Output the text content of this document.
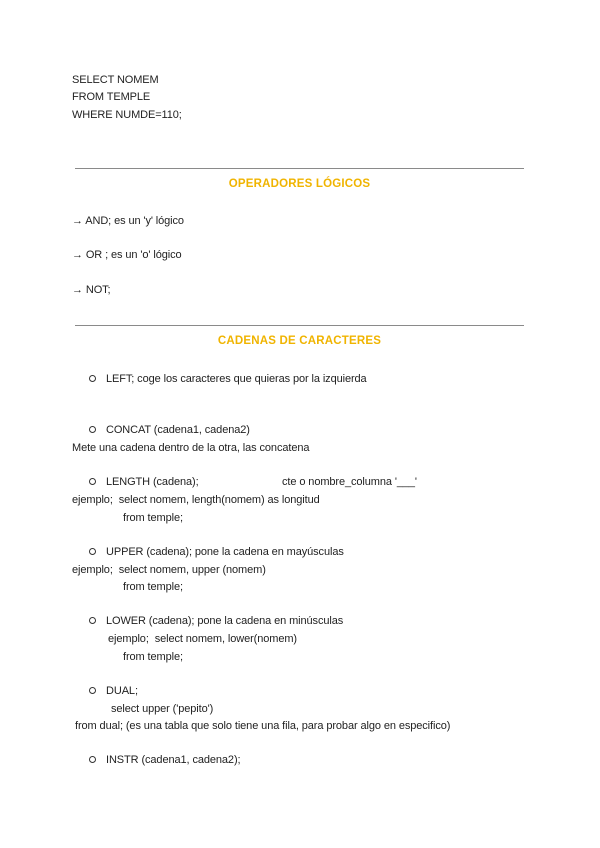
SELECT NOMEM
FROM TEMPLE
WHERE NUMDE=110;
OPERADORES LÓGICOS
→ AND; es un 'y' lógico
→ OR ; es un 'o' lógico
→ NOT;
CADENAS DE CARACTERES
LEFT; coge los caracteres que quieras por la izquierda
CONCAT (cadena1, cadena2)
Mete una cadena dentro de la otra, las concatena
LENGTH (cadena);	cte o nombre_columna '___'
ejemplo;  select nomem, length(nomem) as longitud
from temple;
UPPER (cadena); pone la cadena en mayúsculas
ejemplo;  select nomem, upper (nomem)
from temple;
LOWER (cadena); pone la cadena en minúsculas
ejemplo;  select nomem, lower(nomem)
from temple;
DUAL;
select upper ('pepito')
from dual; (es una tabla que solo tiene una fila, para probar algo en especifico)
INSTR (cadena1, cadena2);
